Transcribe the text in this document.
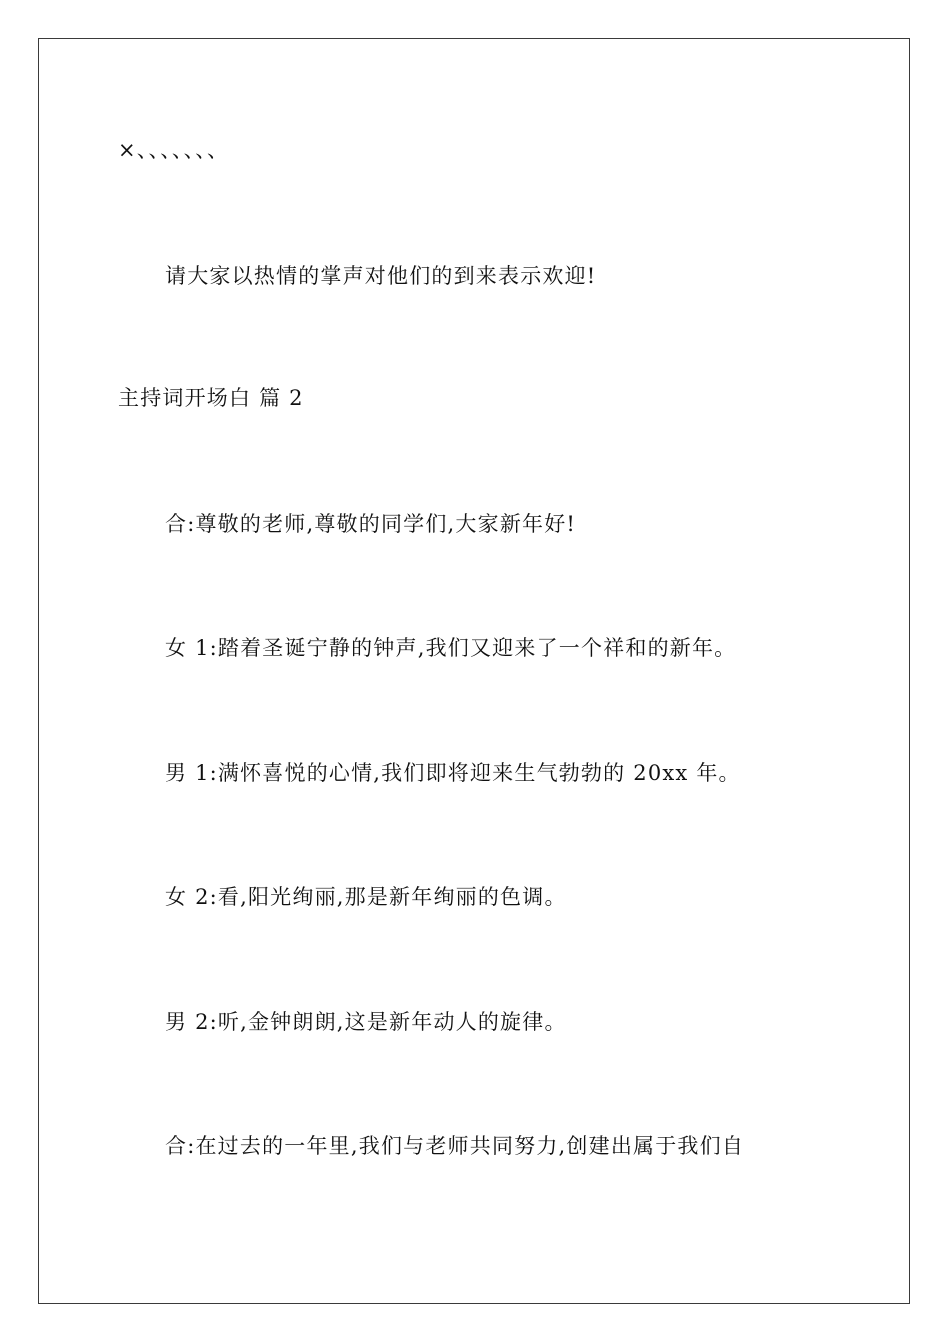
×、、、、、、、
请大家以热情的掌声对他们的到来表示欢迎!
主持词开场白 篇 2
合:尊敬的老师,尊敬的同学们,大家新年好!
女 1:踏着圣诞宁静的钟声,我们又迎来了一个祥和的新年。
男 1:满怀喜悦的心情,我们即将迎来生气勃勃的 20xx 年。
女 2:看,阳光绚丽,那是新年绚丽的色调。
男 2:听,金钟朗朗,这是新年动人的旋律。
合:在过去的一年里,我们与老师共同努力,创建出属于我们自
